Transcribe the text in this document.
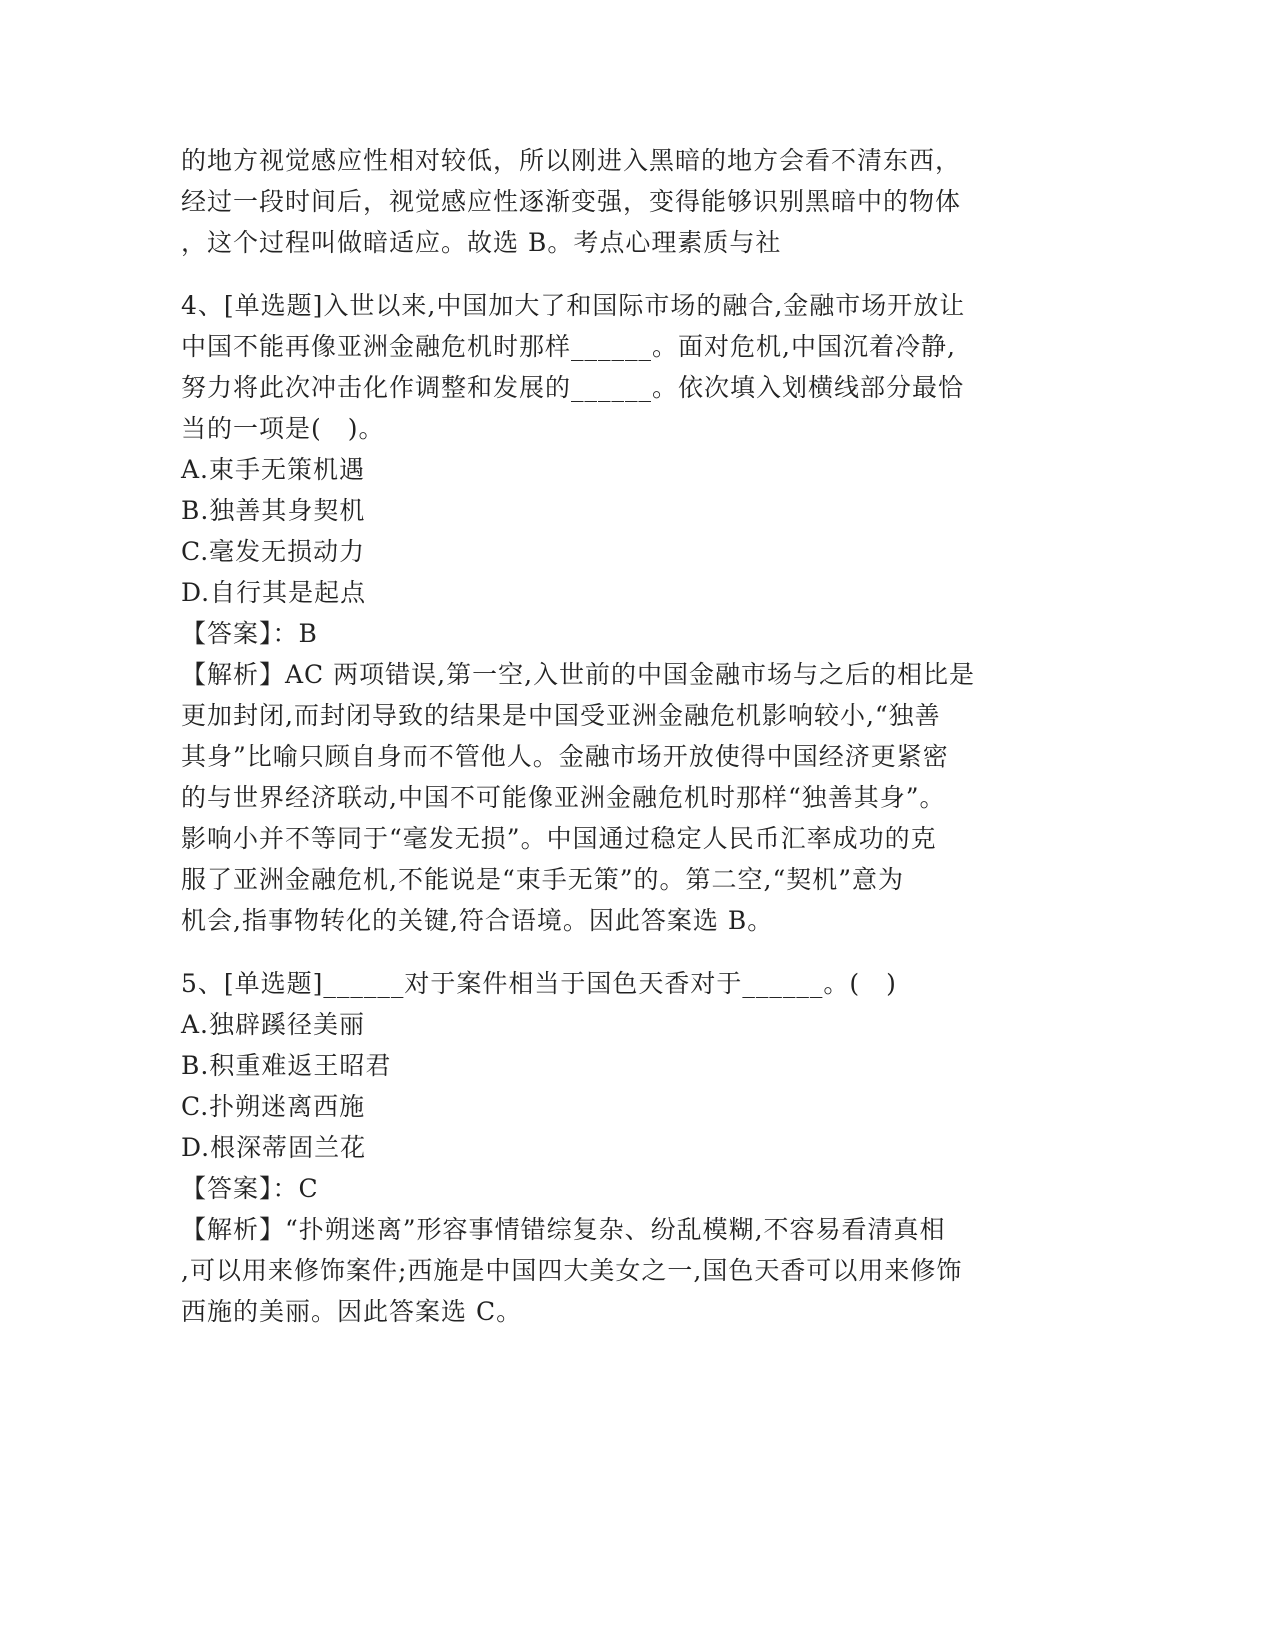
的地方视觉感应性相对较低，所以刚进入黑暗的地方会看不清东西，
经过一段时间后，视觉感应性逐渐变强，变得能够识别黑暗中的物体
，这个过程叫做暗适应。故选 B。考点心理素质与社
4、[单选题]入世以来,中国加大了和国际市场的融合,金融市场开放让
中国不能再像亚洲金融危机时那样______。面对危机,中国沉着冷静,
努力将此次冲击化作调整和发展的______。依次填入划横线部分最恰
当的一项是(　)。
A.束手无策机遇
B.独善其身契机
C.毫发无损动力
D.自行其是起点
【答案】：B
【解析】AC 两项错误,第一空,入世前的中国金融市场与之后的相比是
更加封闭,而封闭导致的结果是中国受亚洲金融危机影响较小,“独善
其身”比喻只顾自身而不管他人。金融市场开放使得中国经济更紧密
的与世界经济联动,中国不可能像亚洲金融危机时那样“独善其身”。
影响小并不等同于“毫发无损”。中国通过稳定人民币汇率成功的克
服了亚洲金融危机,不能说是“束手无策”的。第二空,“契机”意为
机会,指事物转化的关键,符合语境。因此答案选 B。
5、[单选题]______对于案件相当于国色天香对于______。(　)
A.独辟蹊径美丽
B.积重难返王昭君
C.扑朔迷离西施
D.根深蒂固兰花
【答案】：C
【解析】“扑朔迷离”形容事情错综复杂、纷乱模糊,不容易看清真相
,可以用来修饰案件;西施是中国四大美女之一,国色天香可以用来修饰
西施的美丽。因此答案选 C。
